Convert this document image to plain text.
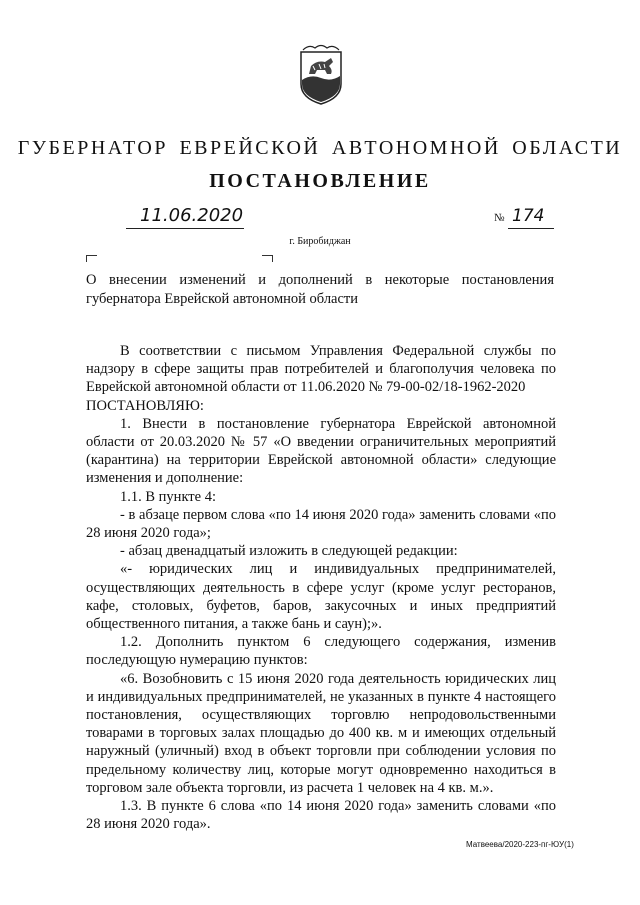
ГУБЕРНАТОР ЕВРЕЙСКОЙ АВТОНОМНОЙ ОБЛАСТИ
ПОСТАНОВЛЕНИЕ
11.06.2020	№ 174
г. Биробиджан
О внесении изменений и дополнений в некоторые постановления губернатора Еврейской автономной области

В соответствии с письмом Управления Федеральной службы по надзору в сфере защиты прав потребителей и благополучия человека по Еврейской автономной области от 11.06.2020 № 79-00-02/18-1962-2020

ПОСТАНОВЛЯЮ:

1. Внести в постановление губернатора Еврейской автономной области от 20.03.2020 № 57 «О введении ограничительных мероприятий (карантина) на территории Еврейской автономной области» следующие изменения и дополнение:

1.1. В пункте 4:

- в абзаце первом слова «по 14 июня 2020 года» заменить словами «по 28 июня 2020 года»;

- абзац двенадцатый изложить в следующей редакции:

«- юридических лиц и индивидуальных предпринимателей, осуществляющих деятельность в сфере услуг (кроме услуг ресторанов, кафе, столовых, буфетов, баров, закусочных и иных предприятий общественного питания, а также бань и саун);».

1.2. Дополнить пунктом 6 следующего содержания, изменив последующую нумерацию пунктов:

«6. Возобновить с 15 июня 2020 года деятельность юридических лиц и индивидуальных предпринимателей, не указанных в пункте 4 настоящего постановления, осуществляющих торговлю непродовольственными товарами в торговых залах площадью до 400 кв. м и имеющих отдельный наружный (уличный) вход в объект торговли при соблюдении условия по предельному количеству лиц, которые могут одновременно находиться в торговом зале объекта торговли, из расчета 1 человек на 4 кв. м.».

1.3. В пункте 6 слова «по 14 июня 2020 года» заменить словами «по 28 июня 2020 года».

Матвеева/2020-223-пг-ЮУ(1)
